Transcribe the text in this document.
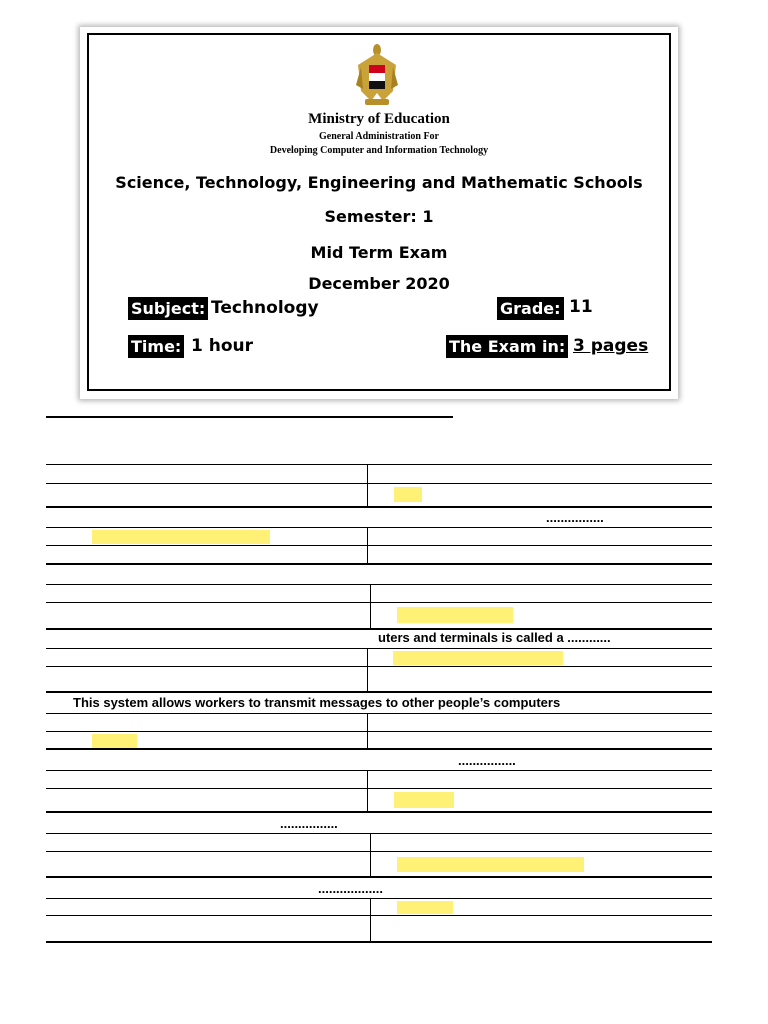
Ministry of Education
General Administration For
Developing Computer and Information Technology
Science, Technology, Engineering and Mathematic Schools
Semester: 1
Mid Term Exam
December 2020
Subject: Technology	Grade: 11
Time: 1 hour	The Exam in: 3 pages
................
uters and terminals is called a ............
This system allows workers to transmit messages to other people’s computers
................
................
..................
